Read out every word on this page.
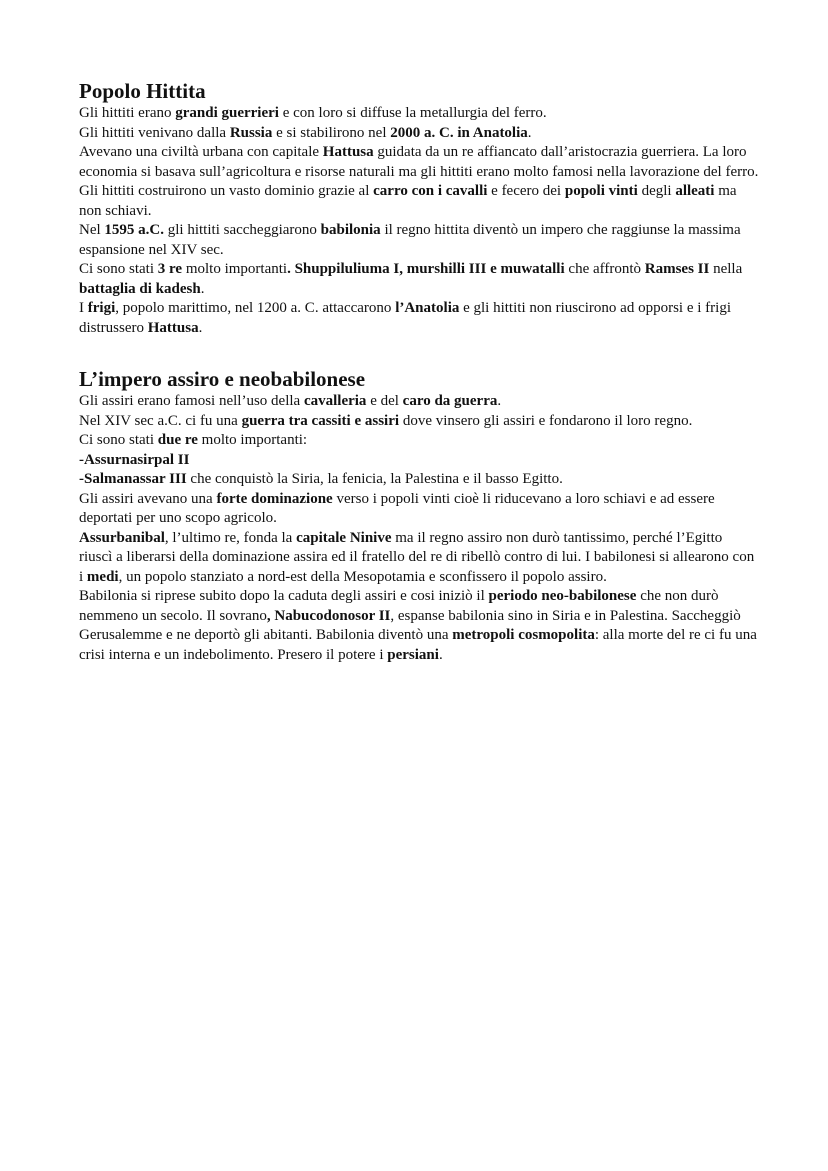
Popolo Hittita

Gli hittiti erano grandi guerrieri e con loro si diffuse la metallurgia del ferro.

Gli hittiti venivano dalla Russia e si stabilirono nel 2000 a. C. in Anatolia.

Avevano una civiltà urbana con capitale Hattusa guidata da un re affiancato dall’aristocrazia guerriera. La loro economia si basava sull’agricoltura e risorse naturali ma gli hittiti erano molto famosi nella lavorazione del ferro.

Gli hittiti costruirono un vasto dominio grazie al carro con i cavalli e fecero dei popoli vinti degli alleati ma non schiavi.

Nel 1595 a.C. gli hittiti saccheggiarono babilonia il regno hittita diventò un impero che raggiunse la massima espansione nel XIV sec.

Ci sono stati 3 re molto importanti. Shuppiluliuma I, murshilli III e muwatalli che affrontò Ramses II nella battaglia di kadesh.

I frigi, popolo marittimo, nel 1200 a. C. attaccarono l’Anatolia e gli hittiti non riuscirono ad opporsi e i frigi distrussero Hattusa.

L’impero assiro e neobabilonese

Gli assiri erano famosi nell’uso della cavalleria e del caro da guerra.

Nel XIV sec a.C. ci fu una guerra tra cassiti e assiri dove vinsero gli assiri e fondarono il loro regno.

Ci sono stati due re molto importanti:

-Assurnasirpal II

-Salmanassar III che conquistò la Siria, la fenicia, la Palestina e il basso Egitto.

Gli assiri avevano una forte dominazione verso i popoli vinti cioè li riducevano a loro schiavi e ad essere deportati per uno scopo agricolo.

Assurbanibal, l’ultimo re, fonda la capitale Ninive ma il regno assiro non durò tantissimo, perché l’Egitto riuscì a liberarsi della dominazione assira ed il fratello del re di ribellò contro di lui. I babilonesi si allearono con i medi, un popolo stanziato a nord-est della Mesopotamia e sconfissero il popolo assiro.

Babilonia si riprese subito dopo la caduta degli assiri e cosi iniziò il periodo neo-babilonese che non durò nemmeno un secolo. Il sovrano, Nabucodonosor II, espanse babilonia sino in Siria e in Palestina. Saccheggiò Gerusalemme e ne deportò gli abitanti. Babilonia diventò una metropoli cosmopolita: alla morte del re ci fu una crisi interna e un indebolimento. Presero il potere i persiani.
